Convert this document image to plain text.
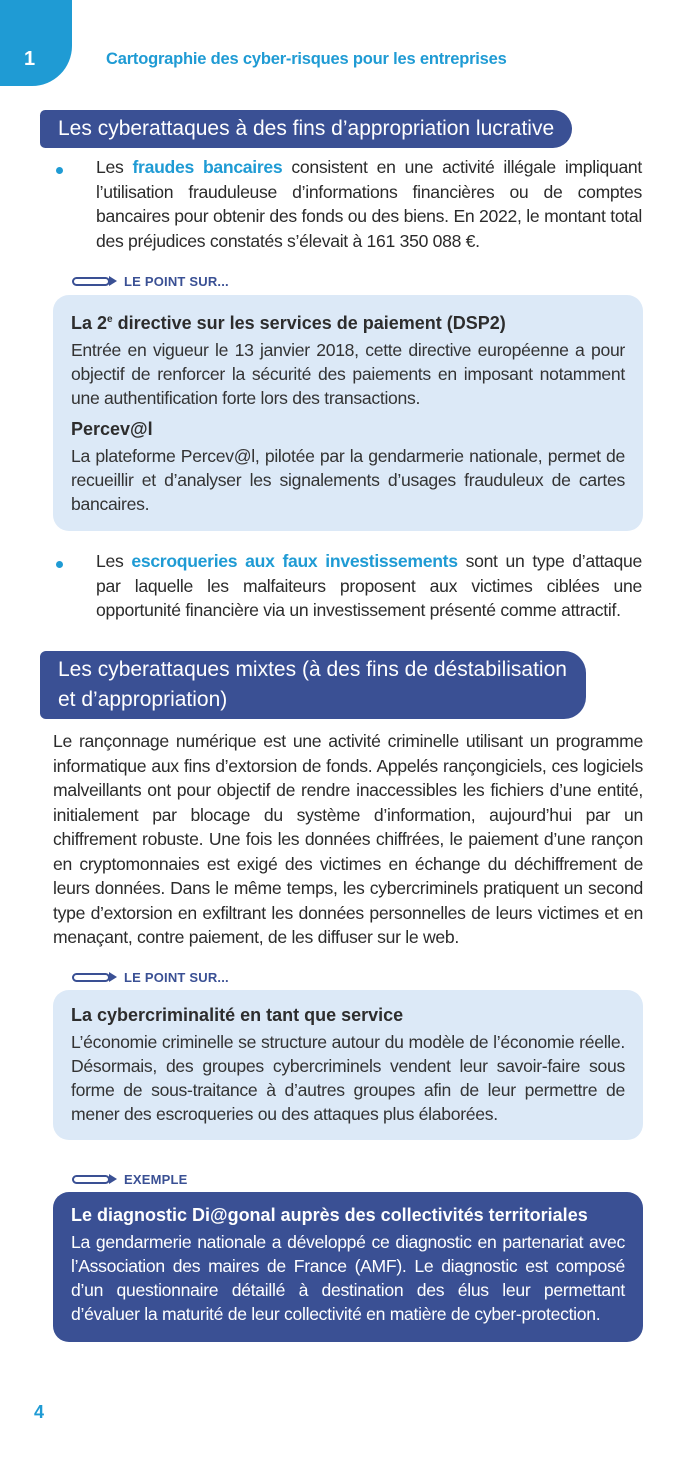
1	Cartographie des cyber-risques pour les entreprises
Les cyberattaques à des fins d’appropriation lucrative
Les fraudes bancaires consistent en une activité illégale impliquant l’utilisation frauduleuse d’informations financières ou de comptes bancaires pour obtenir des fonds ou des biens. En 2022, le montant total des préjudices constatés s’élevait à 161 350 088 €.
LE POINT SUR...
La 2e directive sur les services de paiement (DSP2)
Entrée en vigueur le 13 janvier 2018, cette directive européenne a pour objectif de renforcer la sécurité des paiements en imposant notamment une authentification forte lors des transactions.
Percev@l
La plateforme Percev@l, pilotée par la gendarmerie nationale, permet de recueillir et d’analyser les signalements d’usages frauduleux de cartes bancaires.
Les escroqueries aux faux investissements sont un type d’attaque par laquelle les malfaiteurs proposent aux victimes ciblées une opportunité financière via un investissement présenté comme attractif.
Les cyberattaques mixtes (à des fins de déstabilisation
et d’appropriation)
Le rançonnage numérique est une activité criminelle utilisant un programme informatique aux fins d’extorsion de fonds. Appelés rançongiciels, ces logiciels malveillants ont pour objectif de rendre inaccessibles les fichiers d’une entité, initialement par blocage du système d’information, aujourd’hui par un chiffrement robuste. Une fois les données chiffrées, le paiement d’une rançon en cryptomonnaies est exigé des victimes en échange du déchiffrement de leurs données. Dans le même temps, les cybercriminels pratiquent un second type d’extorsion en exfiltrant les données personnelles de leurs victimes et en menaçant, contre paiement, de les diffuser sur le web.
LE POINT SUR...
La cybercriminalité en tant que service
L’économie criminelle se structure autour du modèle de l’économie réelle. Désormais, des groupes cybercriminels vendent leur savoir-faire sous forme de sous-traitance à d’autres groupes afin de leur permettre de mener des escroqueries ou des attaques plus élaborées.
EXEMPLE
Le diagnostic Di@gonal auprès des collectivités territoriales
La gendarmerie nationale a développé ce diagnostic en partenariat avec l’Association des maires de France (AMF). Le diagnostic est composé d’un questionnaire détaillé à destination des élus leur permettant d’évaluer la maturité de leur collectivité en matière de cyber-protection.
4
